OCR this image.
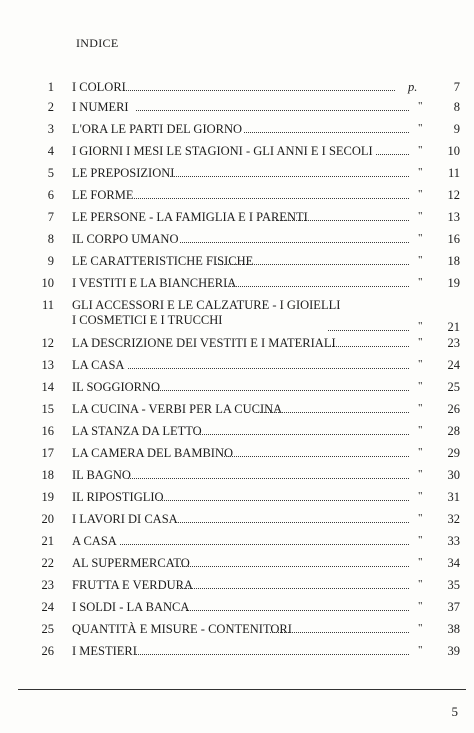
INDICE
1 I COLORI	p.	7
2 I NUMERI	"	8
3 L'ORA LE PARTI DEL GIORNO	"	9
4 I GIORNI I MESI LE STAGIONI - GLI ANNI E I SECOLI	"	10
5 LE PREPOSIZIONI	"	11
6 LE FORME	"	12
7 LE PERSONE - LA FAMIGLIA E I PARENTI	"	13
8 IL CORPO UMANO	"	16
9 LE CARATTERISTICHE FISICHE	"	18
10 I VESTITI E LA BIANCHERIA	"	19
11 GLI ACCESSORI E LE CALZATURE - I GIOIELLI
I COSMETICI E I TRUCCHI	"	21
12 LA DESCRIZIONE DEI VESTITI E I MATERIALI	"	23
13 LA CASA	"	24
14 IL SOGGIORNO	"	25
15 LA CUCINA - VERBI PER LA CUCINA	"	26
16 LA STANZA DA LETTO	"	28
17 LA CAMERA DEL BAMBINO	"	29
18 IL BAGNO	"	30
19 IL RIPOSTIGLIO	"	31
20 I LAVORI DI CASA	"	32
21 A CASA	"	33
22 AL SUPERMERCATO	"	34
23 FRUTTA E VERDURA	"	35
24 I SOLDI - LA BANCA	"	37
25 QUANTITÀ E MISURE - CONTENITORI	"	38
26 I MESTIERI	"	39
5
